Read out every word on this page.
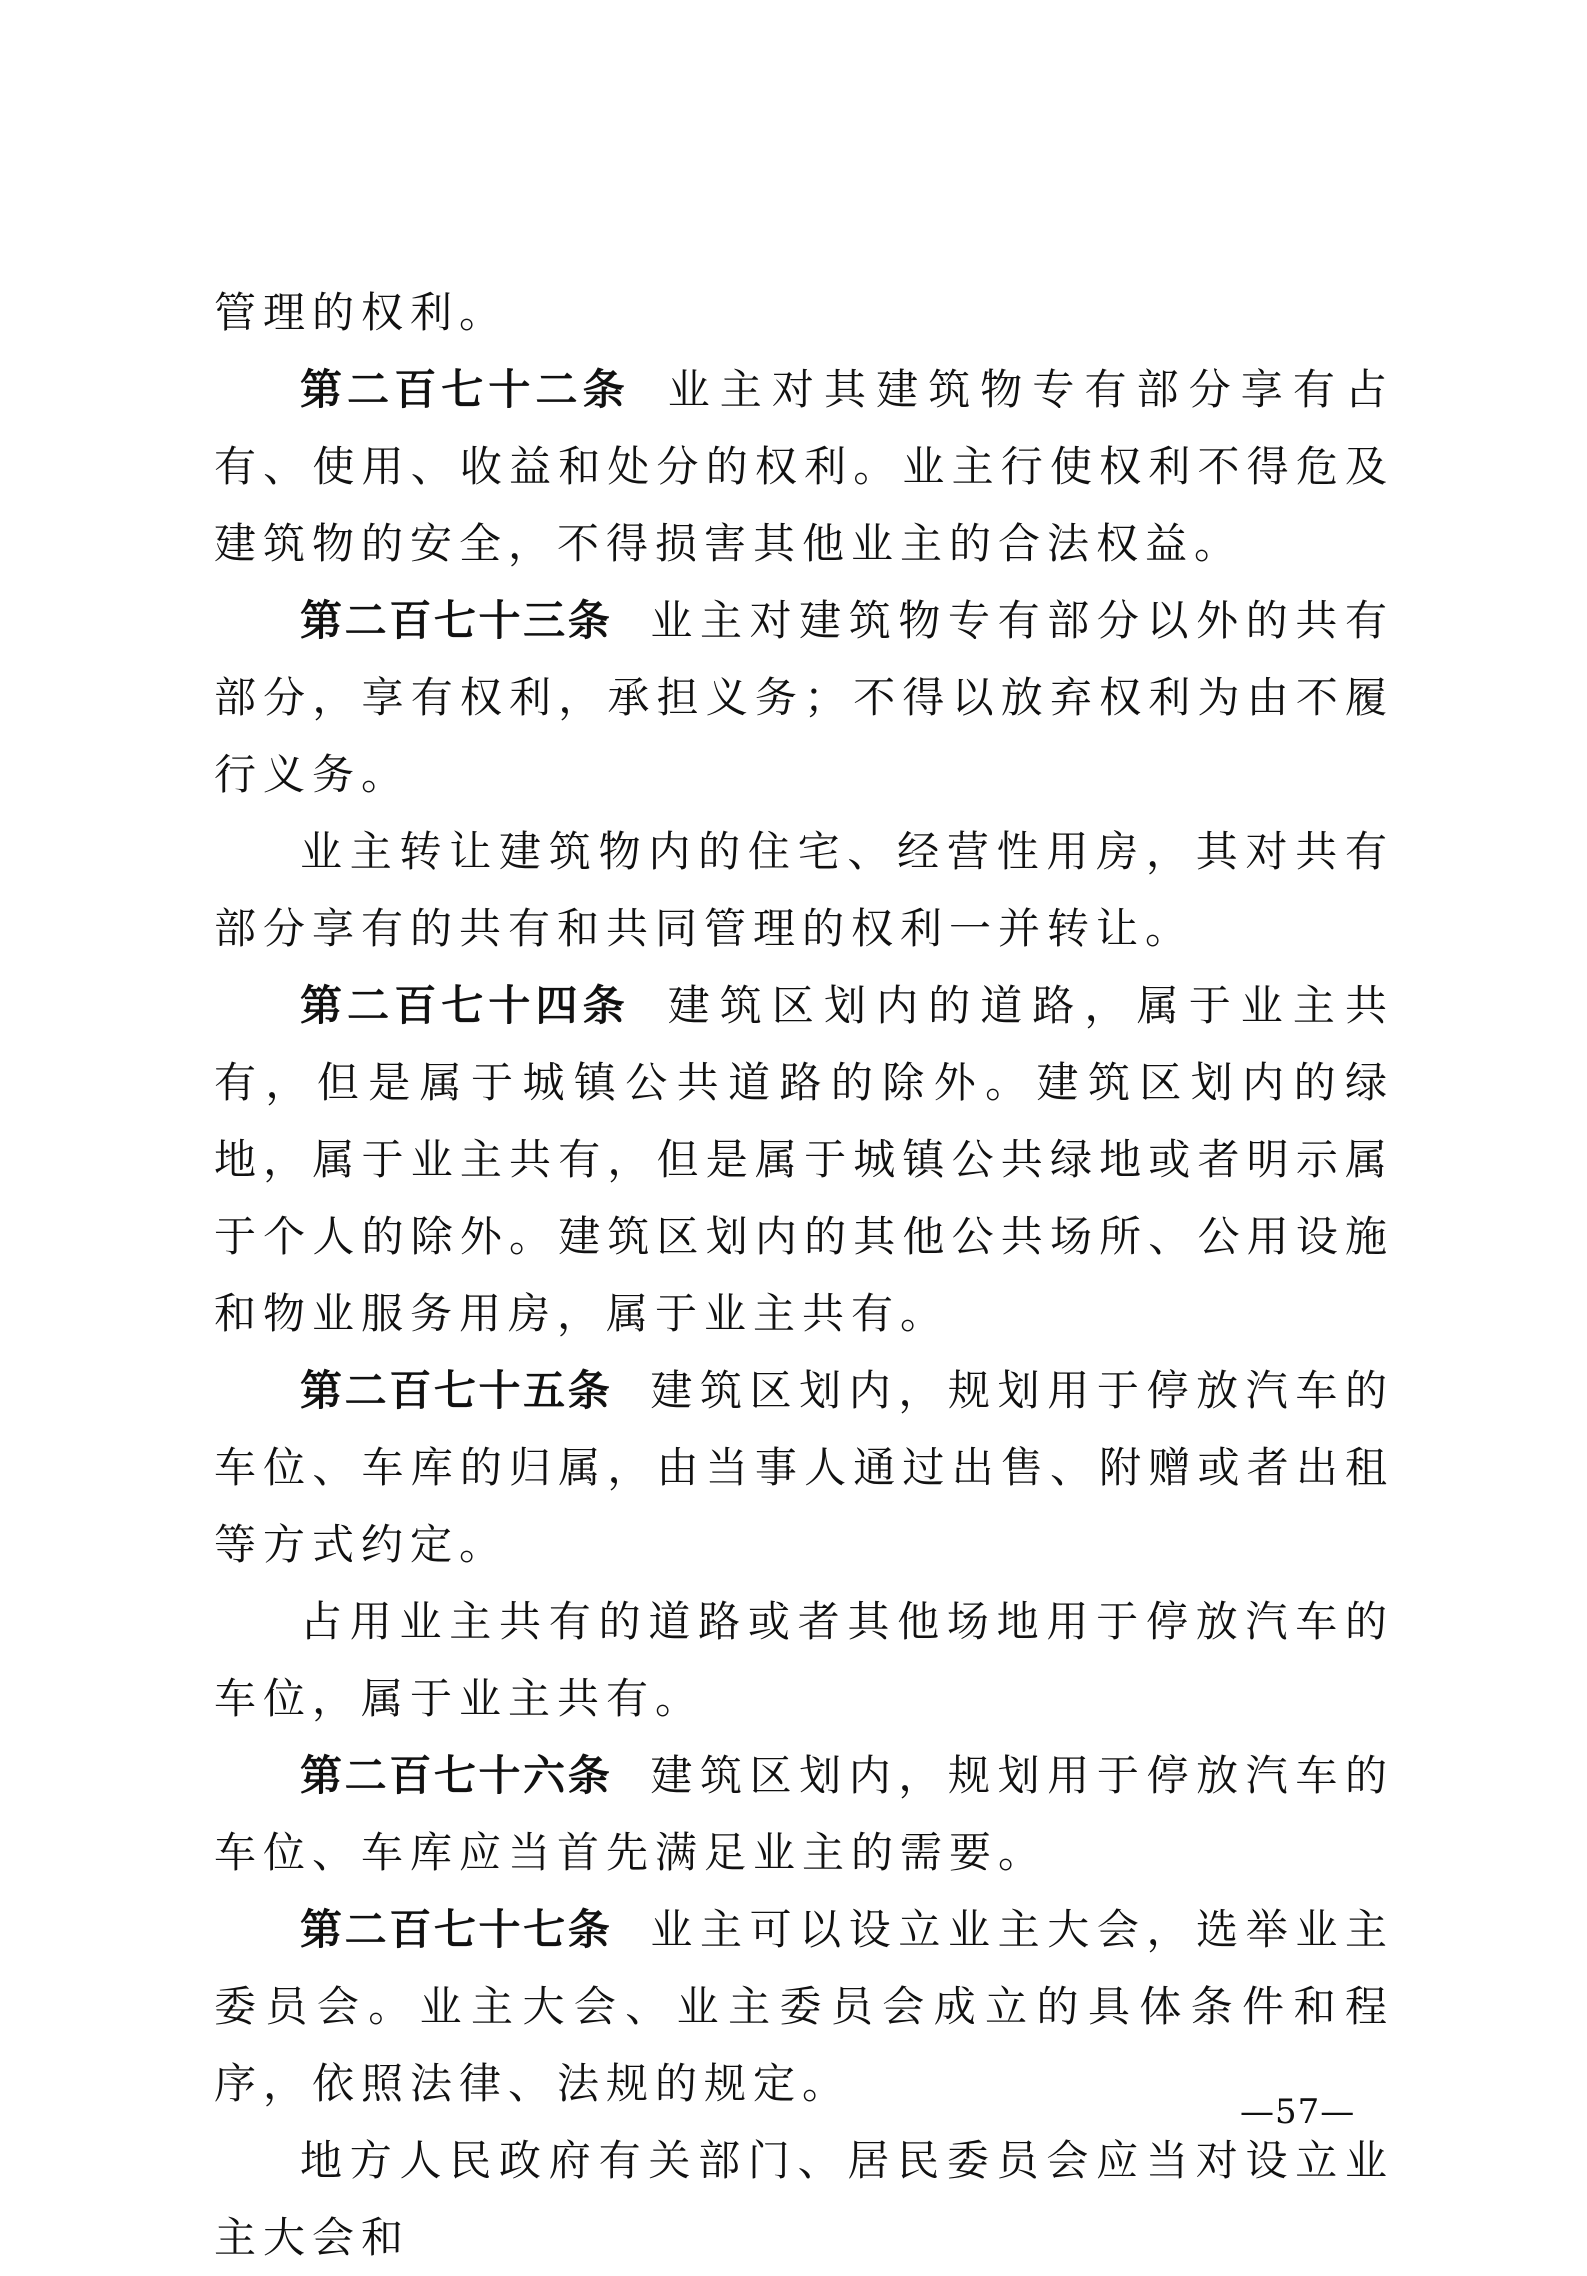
管理的权利。

第二百七十二条 业主对其建筑物专有部分享有占有、使用、收益和处分的权利。业主行使权利不得危及建筑物的安全，不得损害其他业主的合法权益。

第二百七十三条 业主对建筑物专有部分以外的共有部分，享有权利，承担义务；不得以放弃权利为由不履行义务。

业主转让建筑物内的住宅、经营性用房，其对共有部分享有的共有和共同管理的权利一并转让。

第二百七十四条 建筑区划内的道路，属于业主共有，但是属于城镇公共道路的除外。建筑区划内的绿地，属于业主共有，但是属于城镇公共绿地或者明示属于个人的除外。建筑区划内的其他公共场所、公用设施和物业服务用房，属于业主共有。

第二百七十五条 建筑区划内，规划用于停放汽车的车位、车库的归属，由当事人通过出售、附赠或者出租等方式约定。

占用业主共有的道路或者其他场地用于停放汽车的车位，属于业主共有。

第二百七十六条 建筑区划内，规划用于停放汽车的车位、车库应当首先满足业主的需要。

第二百七十七条 业主可以设立业主大会，选举业主委员会。业主大会、业主委员会成立的具体条件和程序，依照法律、法规的规定。

地方人民政府有关部门、居民委员会应当对设立业主大会和

—57—
